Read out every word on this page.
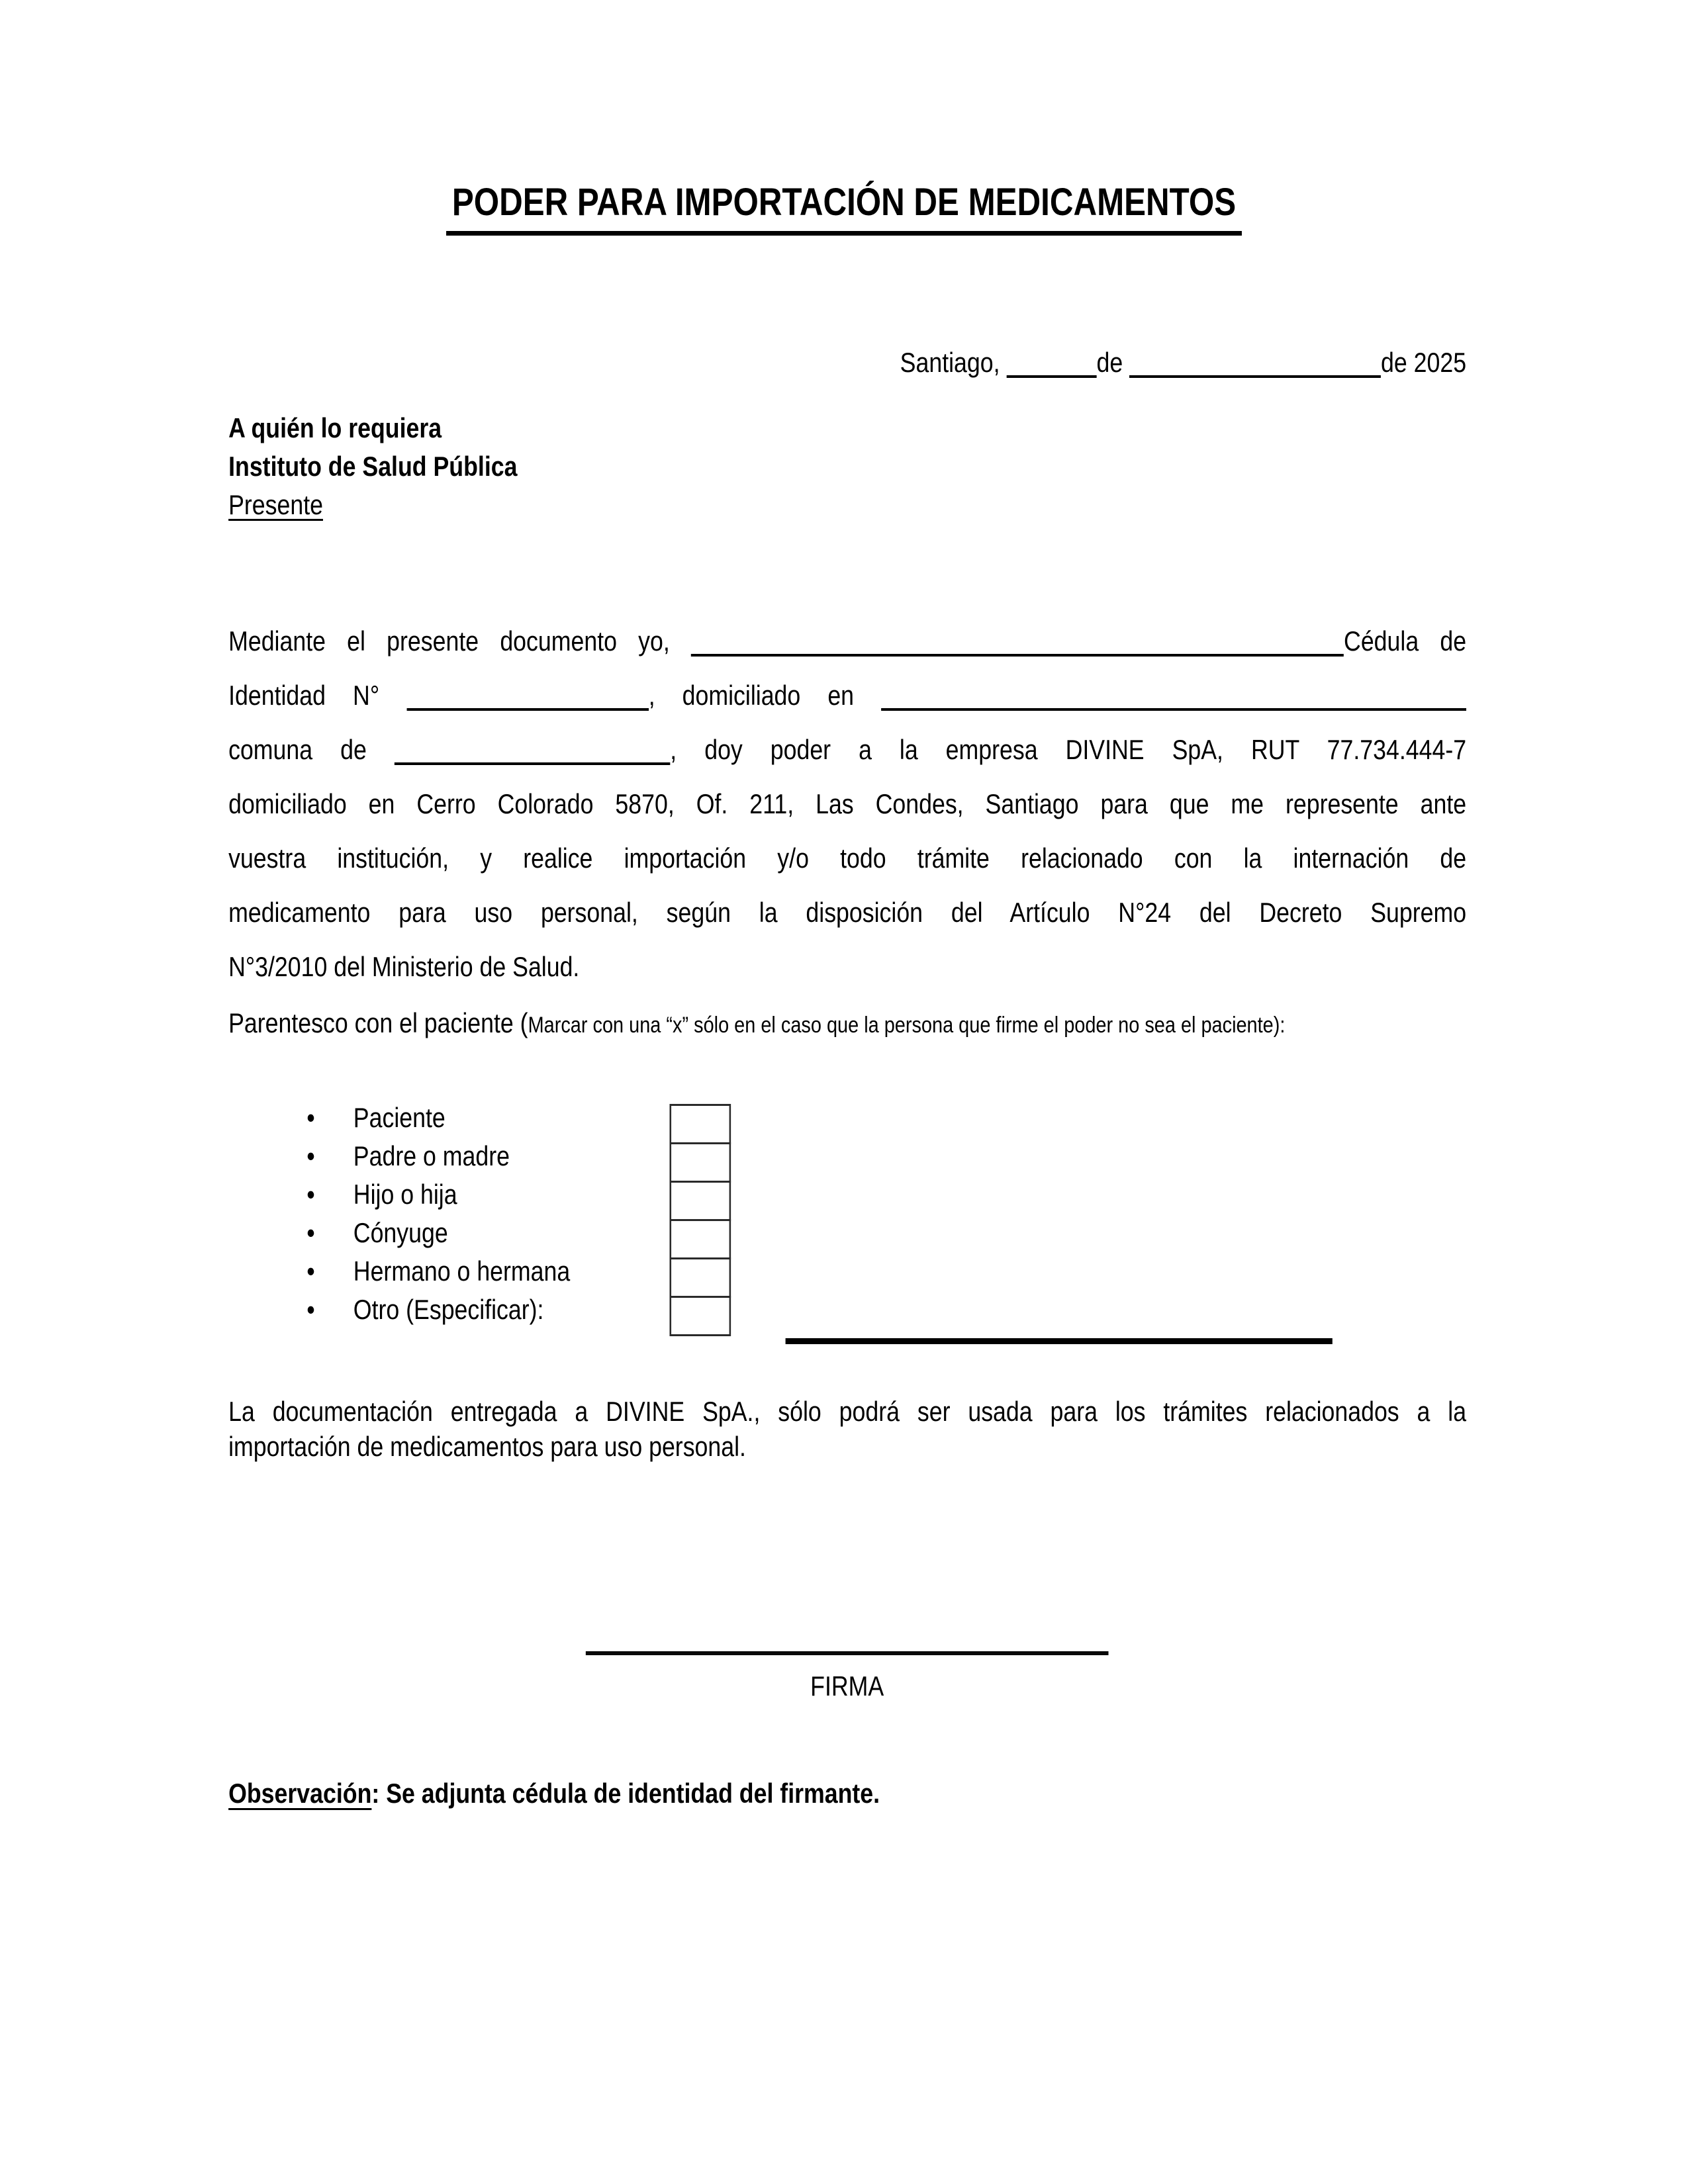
PODER PARA IMPORTACIÓN DE MEDICAMENTOS
Santiago,	de	de 2025
A quién lo requiera
Instituto de Salud Pública
Presente
Mediante el presente documento yo,	Cédula de
Identidad N°	, domiciliado en
comuna de	, doy poder a la empresa DIVINE SpA, RUT 77.734.444-7
domiciliado en Cerro Colorado 5870, Of. 211, Las Condes, Santiago para que me represente ante
vuestra institución, y realice importación y/o todo trámite relacionado con la internación de
medicamento para uso personal, según la disposición del Artículo N°24 del Decreto Supremo
N°3/2010 del Ministerio de Salud.
Parentesco con el paciente (Marcar con una “x” sólo en el caso que la persona que firme el poder no sea el paciente):
• Paciente
• Padre o madre
• Hijo o hija
• Cónyuge
• Hermano o hermana
• Otro (Especificar):
La documentación entregada a DIVINE SpA., sólo podrá ser usada para los trámites relacionados a la
importación de medicamentos para uso personal.
FIRMA
Observación: Se adjunta cédula de identidad del firmante.
